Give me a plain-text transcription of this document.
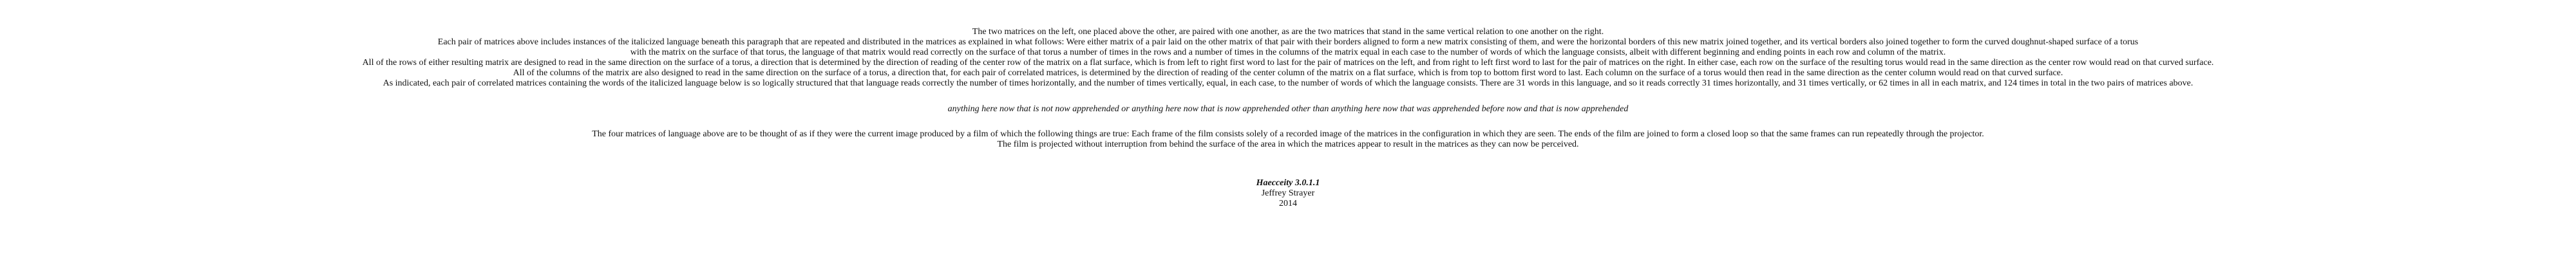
The two matrices on the left, one placed above the other, are paired with one another, as are the two matrices that stand in the same vertical relation to one another on the right.
Each pair of matrices above includes instances of the italicized language beneath this paragraph that are repeated and distributed in the matrices as explained in what follows: Were either matrix of a pair laid on the other matrix of that pair with their borders aligned to form a new matrix consisting of them, and were the horizontal borders of this new matrix joined together, and its vertical borders also joined together to form the curved doughnut-shaped surface of a torus
with the matrix on the surface of that torus, the language of that matrix would read correctly on the surface of that torus a number of times in the rows and a number of times in the columns of the matrix equal in each case to the number of words of which the language consists, albeit with different beginning and ending points in each row and column of the matrix.
All of the rows of either resulting matrix are designed to read in the same direction on the surface of a torus, a direction that is determined by the direction of reading of the center row of the matrix on a flat surface, which is from left to right first word to last for the pair of matrices on the left, and from right to left first word to last for the pair of matrices on the right. In either case, each row on the surface of the resulting torus would read in the same direction as the center row would read on that curved surface.
All of the columns of the matrix are also designed to read in the same direction on the surface of a torus, a direction that, for each pair of correlated matrices, is determined by the direction of reading of the center column of the matrix on a flat surface, which is from top to bottom first word to last. Each column on the surface of a torus would then read in the same direction as the center column would read on that curved surface.
As indicated, each pair of correlated matrices containing the words of the italicized language below is so logically structured that that language reads correctly the number of times horizontally, and the number of times vertically, equal, in each case, to the number of words of which the language consists. There are 31 words in this language, and so it reads correctly 31 times horizontally, and 31 times vertically, or 62 times in all in each matrix, and 124 times in total in the two pairs of matrices above.
anything here now that is not now apprehended or anything here now that is now apprehended other than anything here now that was apprehended before now and that is now apprehended
The four matrices of language above are to be thought of as if they were the current image produced by a film of which the following things are true: Each frame of the film consists solely of a recorded image of the matrices in the configuration in which they are seen. The ends of the film are joined to form a closed loop so that the same frames can run repeatedly through the projector.
The film is projected without interruption from behind the surface of the area in which the matrices appear to result in the matrices as they can now be perceived.
Haecceity 3.0.1.1
Jeffrey Strayer
2014
